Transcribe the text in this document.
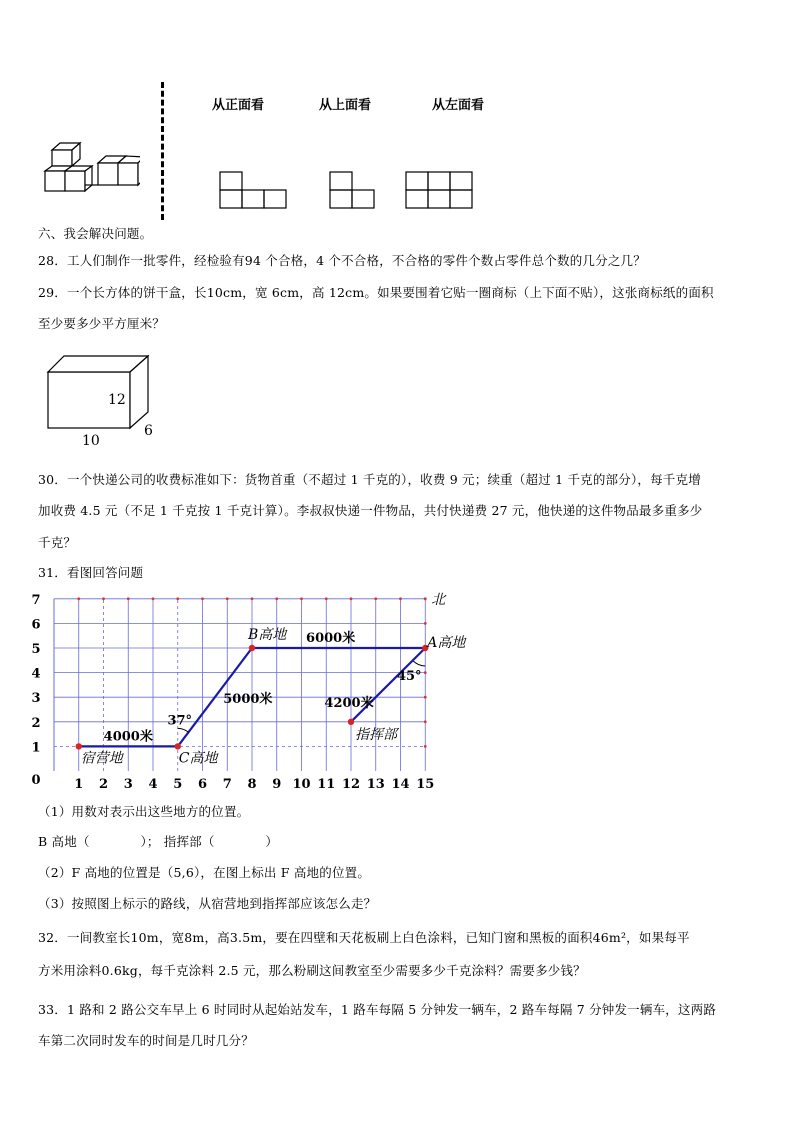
从正面看	从上面看	从左面看
六、我会解决问题。
28．工人们制作一批零件，经检验有94 个合格，4 个不合格，不合格的零件个数占零件总个数的几分之几？
29．一个长方体的饼干盒，长10cm，宽 6cm，高 12cm。如果要围着它贴一圈商标（上下面不贴），这张商标纸的面积
至少要多少平方厘米？
12
10
6
30．一个快递公司的收费标准如下：货物首重（不超过 1 千克的），收费 9 元；续重（超过 1 千克的部分），每千克增
加收费 4.5 元（不足 1 千克按 1 千克计算）。李叔叔快递一件物品，共付快递费 27 元，他快递的这件物品最多重多少
千克？
31．看图回答问题
1 2 3 4 5 6 7 8 9 10 11 12 13 14 15
1
2
3
4
5
6
7
0
北
4000米
5000米
6000米
4200米
宿营地	C高地
B高地	A高地
指挥部
37°
45°
（1）用数对表示出这些地方的位置。
B 高地（　　　　）； 指挥部（　　　　）
（2）F 高地的位置是（5,6），在图上标出 F 高地的位置。
（3）按照图上标示的路线，从宿营地到指挥部应该怎么走？
32．一间教室长10m，宽8m，高3.5m，要在四壁和天花板刷上白色涂料，已知门窗和黑板的面积46m²，如果每平
方米用涂料0.6kg，每千克涂料 2.5 元，那么粉刷这间教室至少需要多少千克涂料？需要多少钱？
33．1 路和 2 路公交车早上 6 时同时从起始站发车，1 路车每隔 5 分钟发一辆车，2 路车每隔 7 分钟发一辆车，这两路
车第二次同时发车的时间是几时几分？
